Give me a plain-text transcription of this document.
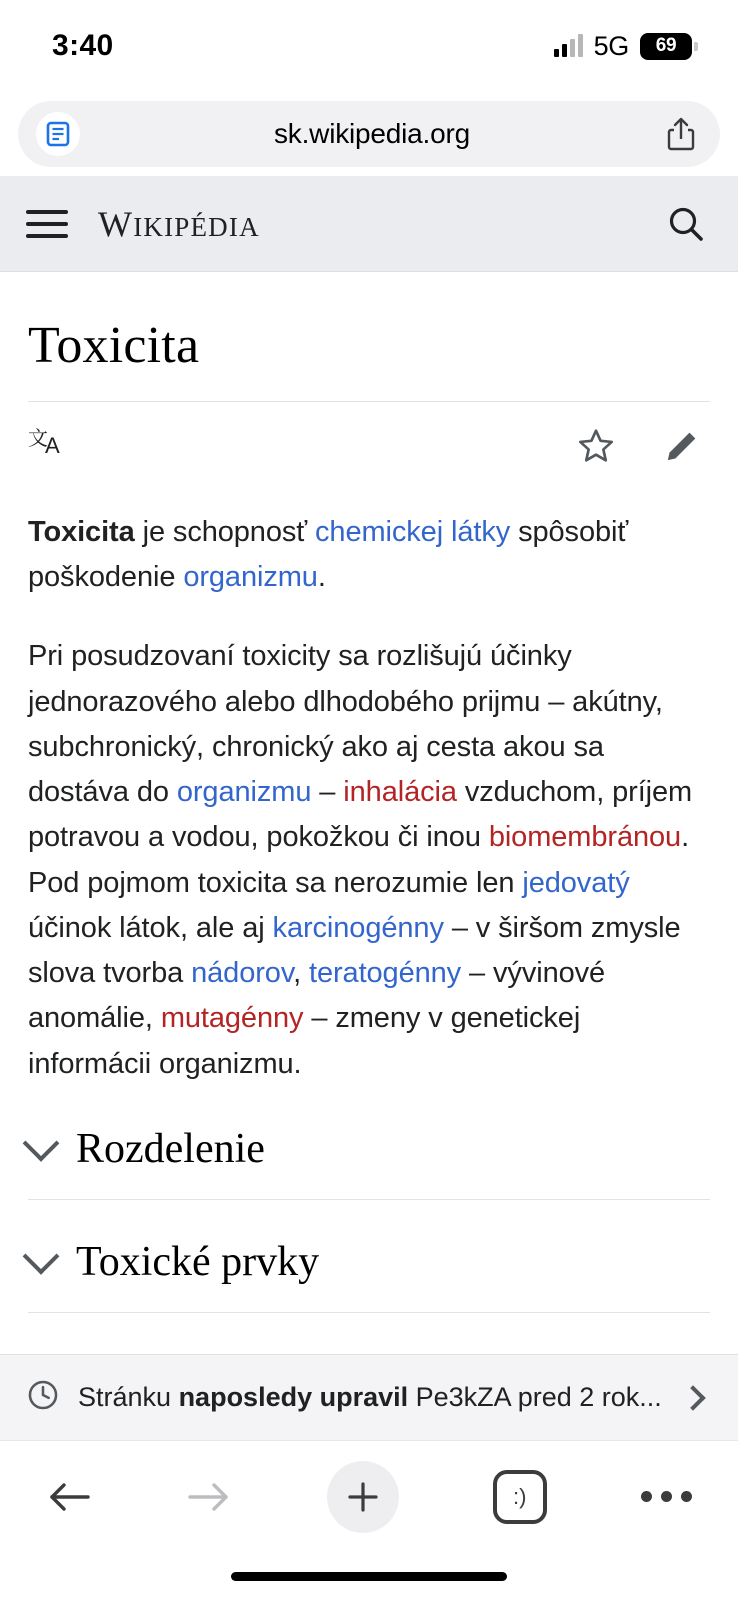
3:40	5G 69
sk.wikipedia.org
WIKIPÉDIA
Toxicita
文
A

Toxicita je schopnosť chemickej látky spôsobiť poškodenie organizmu.

Pri posudzovaní toxicity sa rozlišujú účinky jednorazového alebo dlhodobého prijmu – akútny, subchronický, chronický ako aj cesta akou sa dostáva do organizmu – inhalácia vzduchom, príjem potravou a vodou, pokožkou či inou biomembránou. Pod pojmom toxicita sa nerozumie len jedovatý účinok látok, ale aj karcinogénny – v širšom zmysle slova tvorba nádorov, teratogénny – vývinové anomálie, mutagénny – zmeny v genetickej informácii organizmu.

Rozdelenie
Toxické prvky
Stránku naposledy upravil Pe3kZA pred 2 rok...
:)
